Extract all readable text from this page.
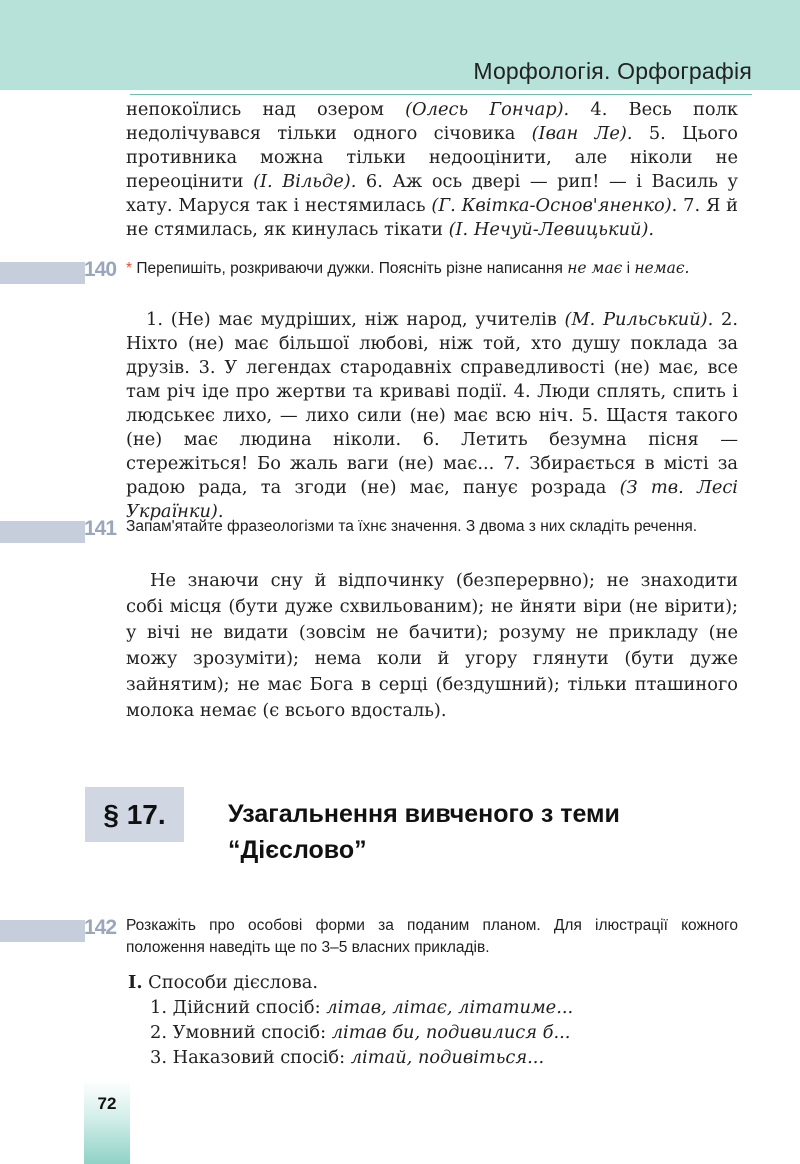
Морфологія. Орфографія

непокоїлись над озером (Олесь Гончар). 4. Весь полк недолічувався тільки одного січовика (Іван Ле). 5. Цього противника можна тільки недооцінити, але ніколи не переоцінити (І. Вільде). 6. Аж ось двері — рип! — і Василь у хату. Маруся так і нестямилась (Г. Квітка-Основ'яненко). 7. Я й не стямилась, як кинулась тікати (І. Нечуй-Левицький).

140 * Перепишіть, розкриваючи дужки. Поясніть різне написання не має і немає.

1. (Не) має мудріших, ніж народ, учителів (М. Рильський). 2. Ніхто (не) має більшої любові, ніж той, хто душу поклада за друзів. 3. У легендах стародавніх справедливості (не) має, все там річ іде про жертви та криваві події. 4. Люди сплять, спить і людськеє лихо, — лихо сили (не) має всю ніч. 5. Щастя такого (не) має людина ніколи. 6. Летить безумна пісня — стережіться! Бо жаль ваги (не) має... 7. Збирається в місті за радою рада, та згоди (не) має, панує розрада (З тв. Лесі Українки).

141 Запам'ятайте фразеологізми та їхнє значення. З двома з них складіть речення.

Не знаючи сну й відпочинку (безперервно); не знаходити собі місця (бути дуже схвильованим); не йняти віри (не вірити); у вічі не видати (зовсім не бачити); розуму не прикладу (не можу зрозуміти); нема коли й угору глянути (бути дуже зайнятим); не має Бога в серці (бездушний); тільки пташиного молока немає (є всього вдосталь).

§ 17. Узагальнення вивченого з теми
“Дієслово”
142 Розкажіть про особові форми за поданим планом. Для ілюстрації кожного положення наведіть ще по 3–5 власних прикладів.

I. Способи дієслова.
1. Дійсний спосіб: літав, літає, літатиме...
2. Умовний спосіб: літав би, подивилися б...
3. Наказовий спосіб: літай, подивіться...
72
